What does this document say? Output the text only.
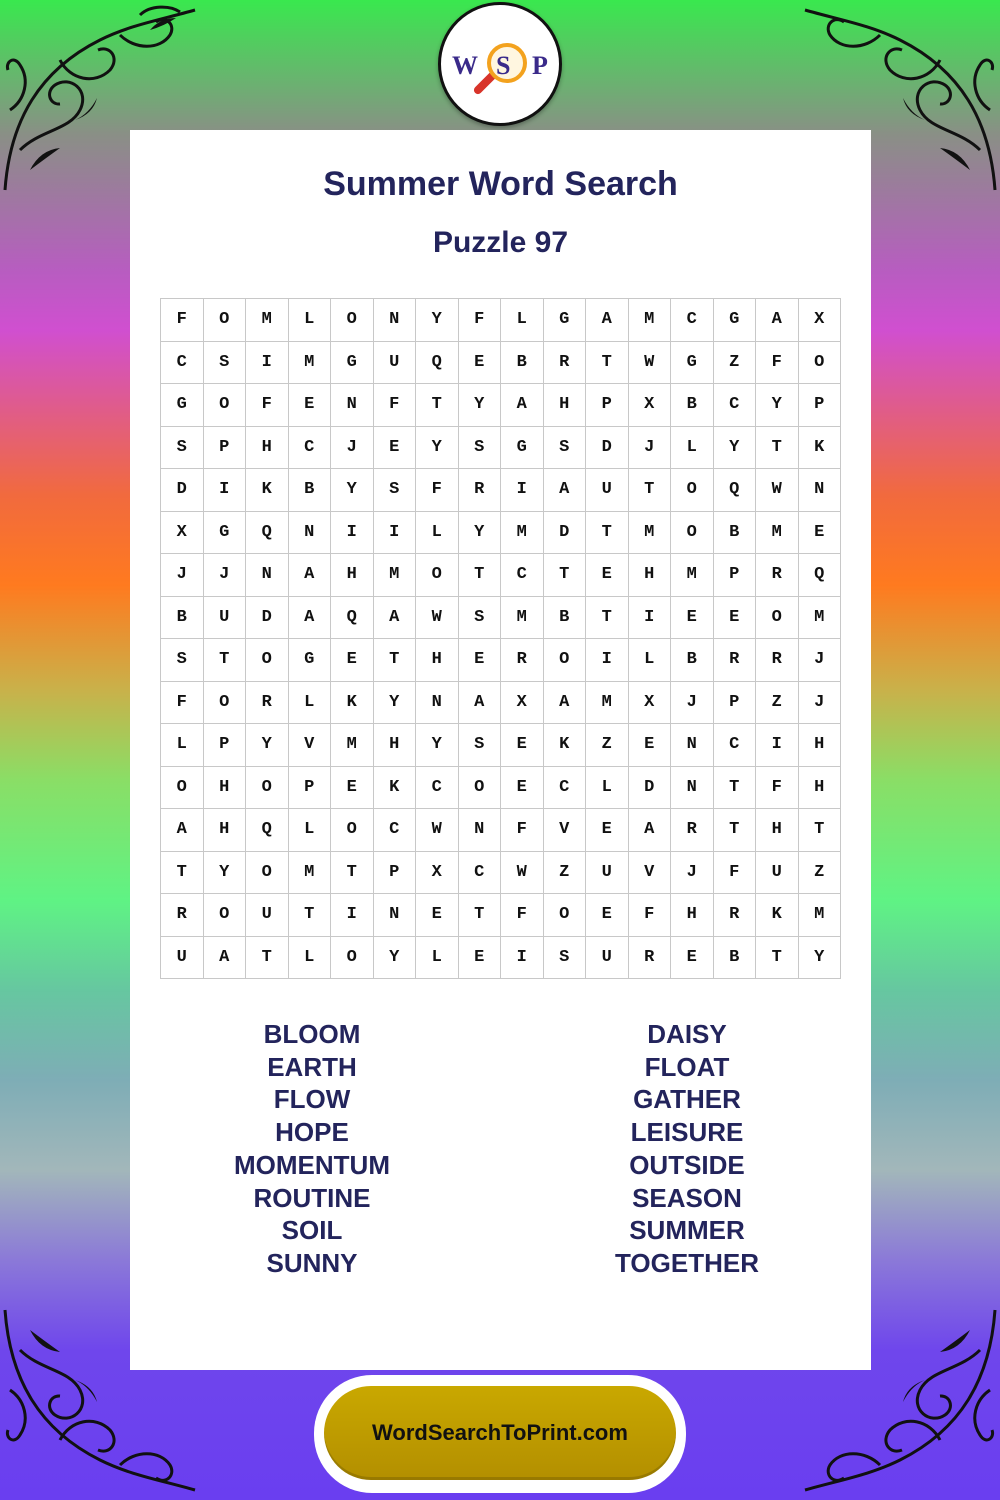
W S P
Summer Word Search
Puzzle 97
F	O	M	L	O	N	Y	F	L	G	A	M	C	G	A	X
C	S	I	M	G	U	Q	E	B	R	T	W	G	Z	F	O
G	O	F	E	N	F	T	Y	A	H	P	X	B	C	Y	P
S	P	H	C	J	E	Y	S	G	S	D	J	L	Y	T	K
D	I	K	B	Y	S	F	R	I	A	U	T	O	Q	W	N
X	G	Q	N	I	I	L	Y	M	D	T	M	O	B	M	E
J	J	N	A	H	M	O	T	C	T	E	H	M	P	R	Q
B	U	D	A	Q	A	W	S	M	B	T	I	E	E	O	M
S	T	O	G	E	T	H	E	R	O	I	L	B	R	R	J
F	O	R	L	K	Y	N	A	X	A	M	X	J	P	Z	J
L	P	Y	V	M	H	Y	S	E	K	Z	E	N	C	I	H
O	H	O	P	E	K	C	O	E	C	L	D	N	T	F	H
A	H	Q	L	O	C	W	N	F	V	E	A	R	T	H	T
T	Y	O	M	T	P	X	C	W	Z	U	V	J	F	U	Z
R	O	U	T	I	N	E	T	F	O	E	F	H	R	K	M
U	A	T	L	O	Y	L	E	I	S	U	R	E	B	T	Y
BLOOM
EARTH
FLOW
HOPE
MOMENTUM
ROUTINE
SOIL
SUNNY
DAISY
FLOAT
GATHER
LEISURE
OUTSIDE
SEASON
SUMMER
TOGETHER
WordSearchToPrint.com
